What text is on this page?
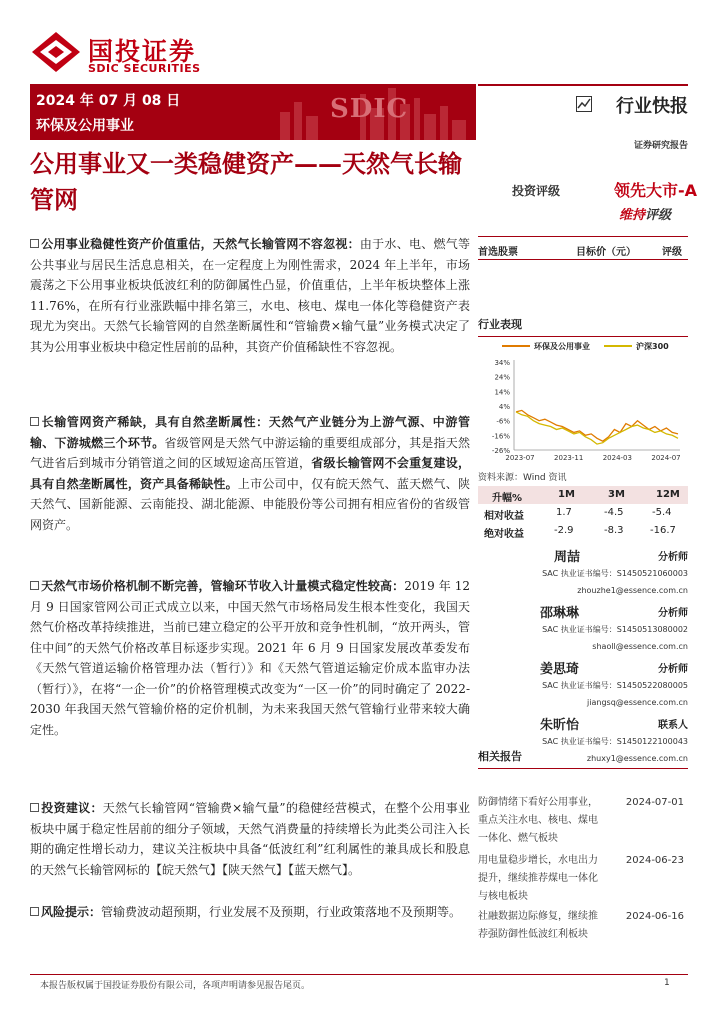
国投证券
SDIC SECURITIES
SDIC
2024 年 07 月 08 日
环保及公用事业
行业快报
证券研究报告
公用事业又一类稳健资产——天然气长输管网	投资评级	领先大市-A
维持评级
首选股票	目标价（元）	评级
行业表现
环保及公用事业	沪深300
34%
24%
14%
4%
-6%
-16%
-26%
2023-07	2023-11	2024-03	2024-07
资料来源：Wind 资讯
升幅%	1M	3M	12M
相对收益	1.7	-4.5	-5.4
绝对收益	-2.9	-8.3	-16.7
周喆	分析师
SAC 执业证书编号：S1450521060003
zhouzhe1@essence.com.cn
邵琳琳	分析师
SAC 执业证书编号：S1450513080002
shaoll@essence.com.cn
姜思琦	分析师
SAC 执业证书编号：S1450522080005
jiangsq@essence.com.cn
朱昕怡	联系人
SAC 执业证书编号：S1450122100043
zhuxy1@essence.com.cn
相关报告
防御情绪下看好公用事业，重点关注水电、核电、煤电一体化、燃气板块
2024-07-01
用电量稳步增长，水电出力提升，继续推荐煤电一体化与核电板块
2024-06-23
社融数据边际修复，继续推荐强防御性低波红利板块
2024-06-16
公用事业稳健性资产价值重估，天然气长输管网不容忽视：由于水、电、燃气等公共事业与居民生活息息相关，在一定程度上为刚性需求，2024 年上半年，市场震荡之下公用事业板块低波红利的防御属性凸显，价值重估，上半年板块整体上涨 11.76%，在所有行业涨跌幅中排名第三，水电、核电、煤电一体化等稳健资产表现尤为突出。天然气长输管网的自然垄断属性和“管输费×输气量”业务模式决定了其为公用事业板块中稳定性居前的品种，其资产价值稀缺性不容忽视。
长输管网资产稀缺，具有自然垄断属性：天然气产业链分为上游气源、中游管输、下游城燃三个环节。省级管网是天然气中游运输的重要组成部分，其是指天然气进省后到城市分销管道之间的区域短途高压管道，省级长输管网不会重复建设，具有自然垄断属性，资产具备稀缺性。上市公司中，仅有皖天然气、蓝天燃气、陕天然气、国新能源、云南能投、湖北能源、申能股份等公司拥有相应省份的省级管网资产。
天然气市场价格机制不断完善，管输环节收入计量模式稳定性较高：2019 年 12 月 9 日国家管网公司正式成立以来，中国天然气市场格局发生根本性变化，我国天然气价格改革持续推进，当前已建立稳定的公平开放和竞争性机制，“放开两头，管住中间”的天然气价格改革目标逐步实现。2021 年 6 月 9 日国家发展改革委发布《天然气管道运输价格管理办法（暂行）》和《天然气管道运输定价成本监审办法（暂行）》，在将“一企一价”的价格管理模式改变为“一区一价”的同时确定了 2022-2030 年我国天然气管输价格的定价机制，为未来我国天然气管输行业带来较大确定性。
投资建议：天然气长输管网“管输费×输气量”的稳健经营模式，在整个公用事业板块中属于稳定性居前的细分子领域，天然气消费量的持续增长为此类公司注入长期的确定性增长动力，建议关注板块中具备“低波红利”红利属性的兼具成长和股息的天然气长输管网标的【皖天然气】【陕天然气】【蓝天燃气】。
风险提示：管输费波动超预期，行业发展不及预期，行业政策落地不及预期等。
本报告版权属于国投证券股份有限公司，各项声明请参见报告尾页。	1
